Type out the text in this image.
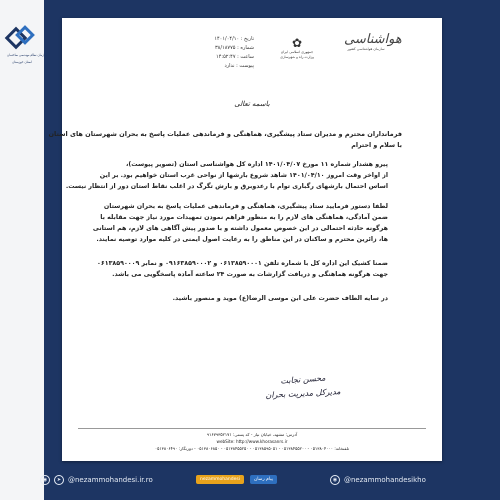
سازمان نظام مهندسی ساختمان
استان خوزستان
تاریخ : ۱۴۰۱/۰۴/۱۰
شماره : ۳۸/۱۸۷۷۵
ساعت : ۱۴:۵۲:۴۷
پیوست : ندارد
✿
جمهوری اسلامی ایران
وزارت راه و شهرسازی
هواشناسی
سازمان هواشناسی کشور
باسمه تعالی
فرمانداران محترم و مدیران ستاد پیشگیری، هماهنگی و فرماندهی عملیات پاسخ به بحران شهرستان های استان
با سلام و احترام
پیرو هشدار شماره ۱۱ مورخ ۱۴۰۱/۰۴/۰۷ اداره کل هواشناسی استان (تصویر پیوست)،
از اواخر وقت امروز ۱۴۰۱/۰۴/۱۰ شاهد شروع بارشها از نواحی غرب استان خواهیم بود. بر این
اساس احتمال بارشهای رگباری توام با رعدوبرق و بارش تگرگ در اغلب نقاط استان دور از انتظار نیست.
لطفا دستور فرمایید ستاد پیشگیری، هماهنگی و فرماندهی عملیات پاسخ به بحران شهرستان
ضمن آمادگی، هماهنگی های لازم را به منظور فراهم نمودن تمهیدات مورد نیاز جهت مقابله با
هرگونه حادثه احتمالی در این خصوص معمول داشته و با صدور پیش آگاهی های لازم، هم استانی
ها، زائرین محترم و ساکنان در این مناطق را به رعایت اصول ایمنی در کلیه موارد توصیه نمایند.
ضمنا کشیک این اداره کل با شماره تلفن ۰۶۱۳۸۵۹۰۰۰۱ و ۰۹۱۶۳۸۵۹۰۰۰۲ و نمابر ۰۶۱۳۸۵۹۰۰۰۹
جهت هرگونه هماهنگی و دریافت گزارشات به صورت ۲۴ ساعته آماده پاسخگویی می باشد.
در سایه الطاف حضرت علی ابن موسی الرضا(ع) موید و منصور باشید.
محسن نجابت
مدیرکل مدیریت بحران
آدرس: مشهد، خیابان نیاز - کد پستی: ۹۱۶۷۹۳۵۲۱۷۱
webSite: http://www.khorasanrs.ir
تلفنخانه: ۰۵۱۳۸۰۴۰۰۰ - ۰۵۱۳۸۴۵۵۲۰۰ - ۰۵۱۳۸۵۹۵۰۵۱ - ۰۵۱۳۸۴۵۵۲۵۰ - ۰۵۱۳۸۰۶۸۵۰ - دورنگار: ۰۵۱۳۸۰۶۴۹۰
◉	➤ @nezammohandesi.ir.ro	nezammohandesi	پیام رسان	◉ @nezammohandesikho
